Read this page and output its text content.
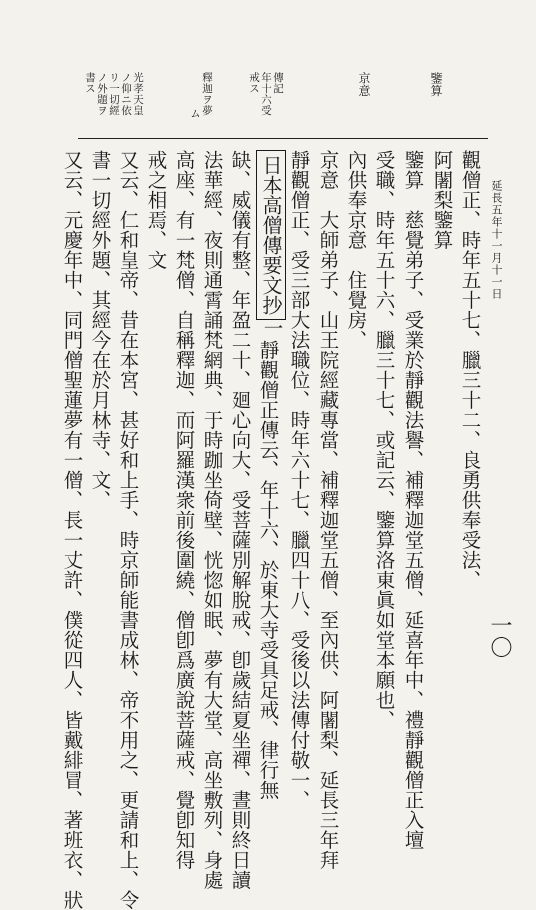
延長五年十一月十一日
一〇
鑒算
京意
傳記
年十六受
戒ス
釋迦ヲ夢
ム
光孝天皇
ノ仰ニ依
リ一切經
ノ外題ヲ
書ス
觀僧正、時年五十七、臘三十二、良勇供奉受法、
阿闍梨鑒算
鑒算　慈覺弟子、受業於靜觀法譽、補釋迦堂五僧、延喜年中、禮靜觀僧正入壇
受職、時年五十六、臘三十七、或記云、鑒算洛東眞如堂本願也、
內供奉京意　住覺房、
京意　大師弟子、山王院經藏專當、補釋迦堂五僧、至內供、阿闍梨、延長三年拜
靜觀僧正、受三部大法職位、時年六十七、臘四十八、受後以法傳付敬一、
日本高僧傳要文抄
一
靜觀僧正傳云、年十六、於東大寺受具足戒、律行無
缺、威儀有整、年盈二十、廻心向大、受菩薩別解脫戒、卽歲結夏坐禪、晝則終日讀
法華經、夜則通霄誦梵網典、于時跏坐倚壁、恍惚如眠、夢有大堂、高坐敷列、身處
高座、有一梵僧、自稱釋迦、而阿羅漢衆前後圍繞、僧卽爲廣說菩薩戒、覺卽知得
戒之相焉、文
又云、仁和皇帝、昔在本宮、甚好和上手、時京師能書成林、帝不用之、更請和上、令
書一切經外題、其經今在於月林寺、文、
又云、元慶年中、同門僧聖蓮夢有一僧、長一丈許、僕從四人、皆戴緋冒、著班衣、狀
